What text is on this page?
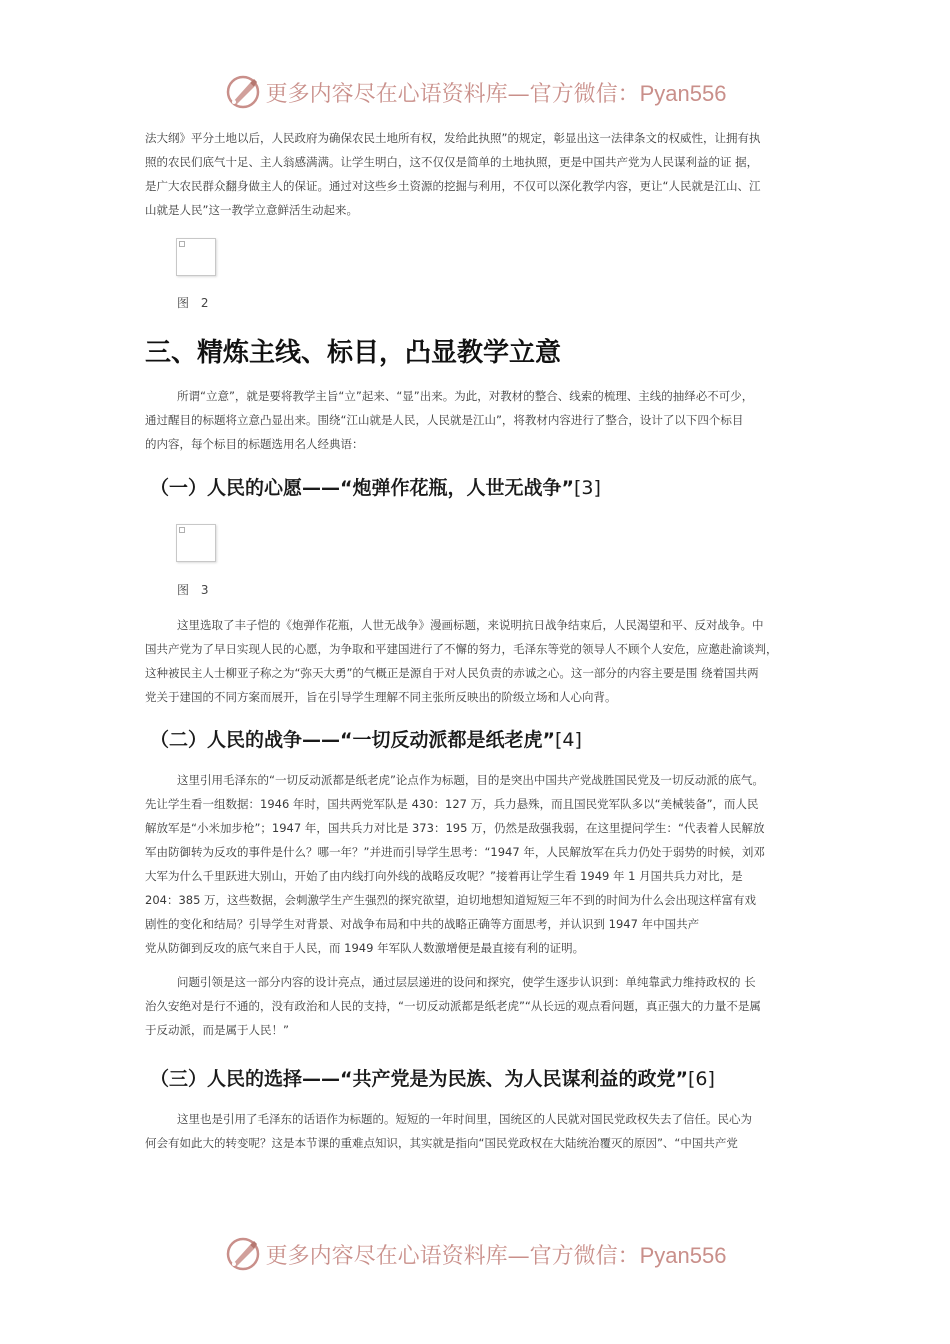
更多内容尽在心语资料库—官方微信：Pyan556
法大纲》平分土地以后，人民政府为确保农民土地所有权，发给此执照”的规定，彰显出这一法律条文的权威性，让拥有执
照的农民们底气十足、主人翁感满满。让学生明白，这不仅仅是简单的土地执照，更是中国共产党为人民谋利益的证 据，
是广大农民群众翻身做主人的保证。通过对这些乡土资源的挖掘与利用，不仅可以深化教学内容，更让“人民就是江山、江
山就是人民”这一教学立意鲜活生动起来。
图 2
三、精炼主线、标目，凸显教学立意
所谓“立意”，就是要将教学主旨“立”起来、“显”出来。为此，对教材的整合、线索的梳理、主线的抽绎必不可少，
通过醒目的标题将立意凸显出来。围绕“江山就是人民，人民就是江山”，将教材内容进行了整合，设计了以下四个标目
的内容，每个标目的标题选用名人经典语：
（一）人民的心愿——“炮弹作花瓶，人世无战争”[3]
图 3
这里选取了丰子恺的《炮弹作花瓶，人世无战争》漫画标题，来说明抗日战争结束后，人民渴望和平、反对战争。中
国共产党为了早日实现人民的心愿，为争取和平建国进行了不懈的努力，毛泽东等党的领导人不顾个人安危，应邀赴渝谈判，
这种被民主人士柳亚子称之为“弥天大勇”的气概正是源自于对人民负责的赤诚之心。这一部分的内容主要是围 绕着国共两
党关于建国的不同方案而展开，旨在引导学生理解不同主张所反映出的阶级立场和人心向背。
（二）人民的战争——“一切反动派都是纸老虎”[4]
这里引用毛泽东的“一切反动派都是纸老虎”论点作为标题，目的是突出中国共产党战胜国民党及一切反动派的底气。
先让学生看一组数据：1946 年时，国共两党军队是 430：127 万，兵力悬殊，而且国民党军队多以“美械装备”，而人民
解放军是“小米加步枪”；1947 年，国共兵力对比是 373：195 万，仍然是敌强我弱，在这里提问学生：“代表着人民解放
军由防御转为反攻的事件是什么？哪一年？”并进而引导学生思考：“1947 年，人民解放军在兵力仍处于弱势的时候，刘邓
大军为什么千里跃进大别山，开始了由内线打向外线的战略反攻呢？”接着再让学生看 1949 年 1 月国共兵力对比，是
204：385 万，这些数据，会刺激学生产生强烈的探究欲望，迫切地想知道短短三年不到的时间为什么会出现这样富有戏
剧性的变化和结局？引导学生对背景、对战争布局和中共的战略正确等方面思考，并认识到 1947 年中国共产
党从防御到反攻的底气来自于人民，而 1949 年军队人数激增便是最直接有利的证明。
问题引领是这一部分内容的设计亮点，通过层层递进的设问和探究，使学生逐步认识到：单纯靠武力维持政权的 长
治久安绝对是行不通的，没有政治和人民的支持，“一切反动派都是纸老虎”“从长远的观点看问题，真正强大的力量不是属
于反动派，而是属于人民！”
（三）人民的选择——“共产党是为民族、为人民谋利益的政党”[6]
这里也是引用了毛泽东的话语作为标题的。短短的一年时间里，国统区的人民就对国民党政权失去了信任。民心为
何会有如此大的转变呢？这是本节课的重难点知识，其实就是指向“国民党政权在大陆统治覆灭的原因”、“中国共产党
更多内容尽在心语资料库—官方微信：Pyan556
